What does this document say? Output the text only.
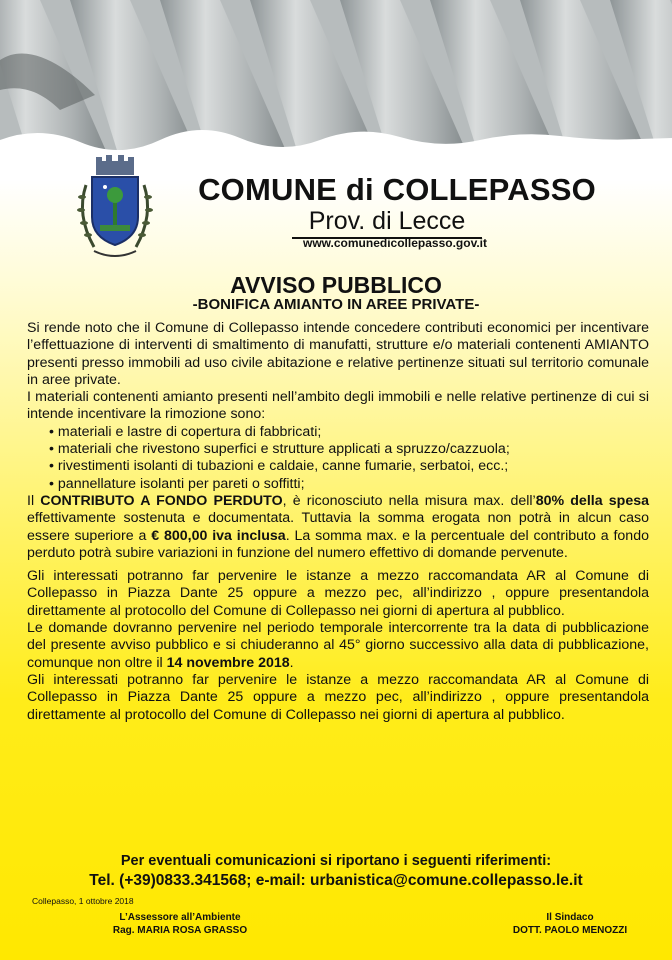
COMUNE di COLLEPASSO
Prov. di Lecce
www.comunedicollepasso.gov.it
AVVISO PUBBLICO
-BONIFICA AMIANTO IN AREE PRIVATE-

Si rende noto che il Comune di Collepasso intende concedere contributi economici per incentivare l’effettuazione di interventi di smaltimento di manufatti, strutture e/o materiali contenenti AMIANTO presenti presso immobili ad uso civile abitazione e relative pertinenze situati sul territorio comunale in aree private.

I materiali contenenti amianto presenti nell’ambito degli immobili e nelle relative pertinenze di cui si intende incentivare la rimozione sono:

• materiali e lastre di copertura di fabbricati;
• materiali che rivestono superfici e strutture applicati a spruzzo/cazzuola;
• rivestimenti isolanti di tubazioni e caldaie, canne fumarie, serbatoi, ecc.;
• pannellature isolanti per pareti o soffitti;

Il CONTRIBUTO A FONDO PERDUTO, è riconosciuto nella misura max. dell’80% della spesa effettivamente sostenuta e documentata. Tuttavia la somma erogata non potrà in alcun caso essere superiore a € 800,00 iva inclusa. La somma max. e la percentuale del contributo a fondo perduto potrà subire variazioni in funzione del numero effettivo di domande pervenute.

Gli interessati potranno far pervenire le istanze a mezzo raccomandata AR al Comune di Collepasso in Piazza Dante 25 oppure a mezzo pec, all’indirizzo , oppure presentandola direttamente al protocollo del Comune di Collepasso nei giorni di apertura al pubblico.

Le domande dovranno pervenire nel periodo temporale intercorrente tra la data di pubblicazione del presente avviso pubblico e si chiuderanno al 45° giorno successivo alla data di pubblicazione, comunque non oltre il 14 novembre 2018.

Gli interessati potranno far pervenire le istanze a mezzo raccomandata AR al Comune di Collepasso in Piazza Dante 25 oppure a mezzo pec, all’indirizzo , oppure presentandola direttamente al protocollo del Comune di Collepasso nei giorni di apertura al pubblico.

Per eventuali comunicazioni si riportano i seguenti riferimenti:
Tel. (+39)0833.341568; e-mail: urbanistica@comune.collepasso.le.it
Collepasso, 1 ottobre 2018
L’Assessore all’Ambiente
Rag. MARIA ROSA GRASSO
Il Sindaco
DOTT. PAOLO MENOZZI
